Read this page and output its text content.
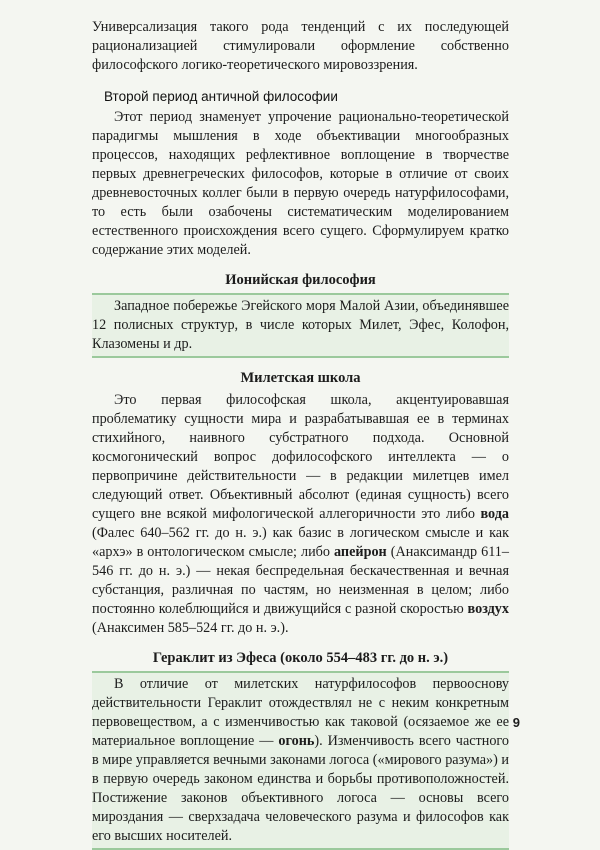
Универсализация такого рода тенденций с их последующей рационализацией стимулировали оформление собственно философского логико-теоретического мировоззрения.

Второй период античной философии

Этот период знаменует упрочение рационально-теоретической парадигмы мышления в ходе объективации многообразных процессов, находящих рефлективное воплощение в творчестве первых древнегреческих философов, которые в отличие от своих древневосточных коллег были в первую очередь натурфилософами, то есть были озабочены систематическим моделированием естественного происхождения всего сущего. Сформулируем кратко содержание этих моделей.

Ионийская философия

Западное побережье Эгейского моря Малой Азии, объединявшее 12 полисных структур, в числе которых Милет, Эфес, Колофон, Клазомены и др.

Милетская школа

Это первая философская школа, акцентуировавшая проблематику сущности мира и разрабатывавшая ее в терминах стихийного, наивного субстратного подхода. Основной космогонический вопрос дофилософского интеллекта — о первопричине действительности — в редакции милетцев имел следующий ответ. Объективный абсолют (единая сущность) всего сущего вне всякой мифологической аллегоричности это либо вода (Фалес 640–562 гг. до н. э.) как базис в логическом смысле и как «архэ» в онтологическом смысле; либо апейрон (Анаксимандр 611–546 гг. до н. э.) — некая беспредельная бескачественная и вечная субстанция, различная по частям, но неизменная в целом; либо постоянно колеблющийся и движущийся с разной скоростью воздух (Анаксимен 585–524 гг. до н. э.).

Гераклит из Эфеса (около 554–483 гг. до н. э.)

В отличие от милетских натурфилософов первооснову действительности Гераклит отождествлял не с неким конкретным первовеществом, а с изменчивостью как таковой (осязаемое же ее материальное воплощение — огонь). Изменчивость всего частного в мире управляется вечными законами логоса («мирового разума») и в первую очередь законом единства и борьбы противоположностей. Постижение законов объективного логоса — основы всего мироздания — сверхзадача человеческого разума и философов как его высших носителей.

9
